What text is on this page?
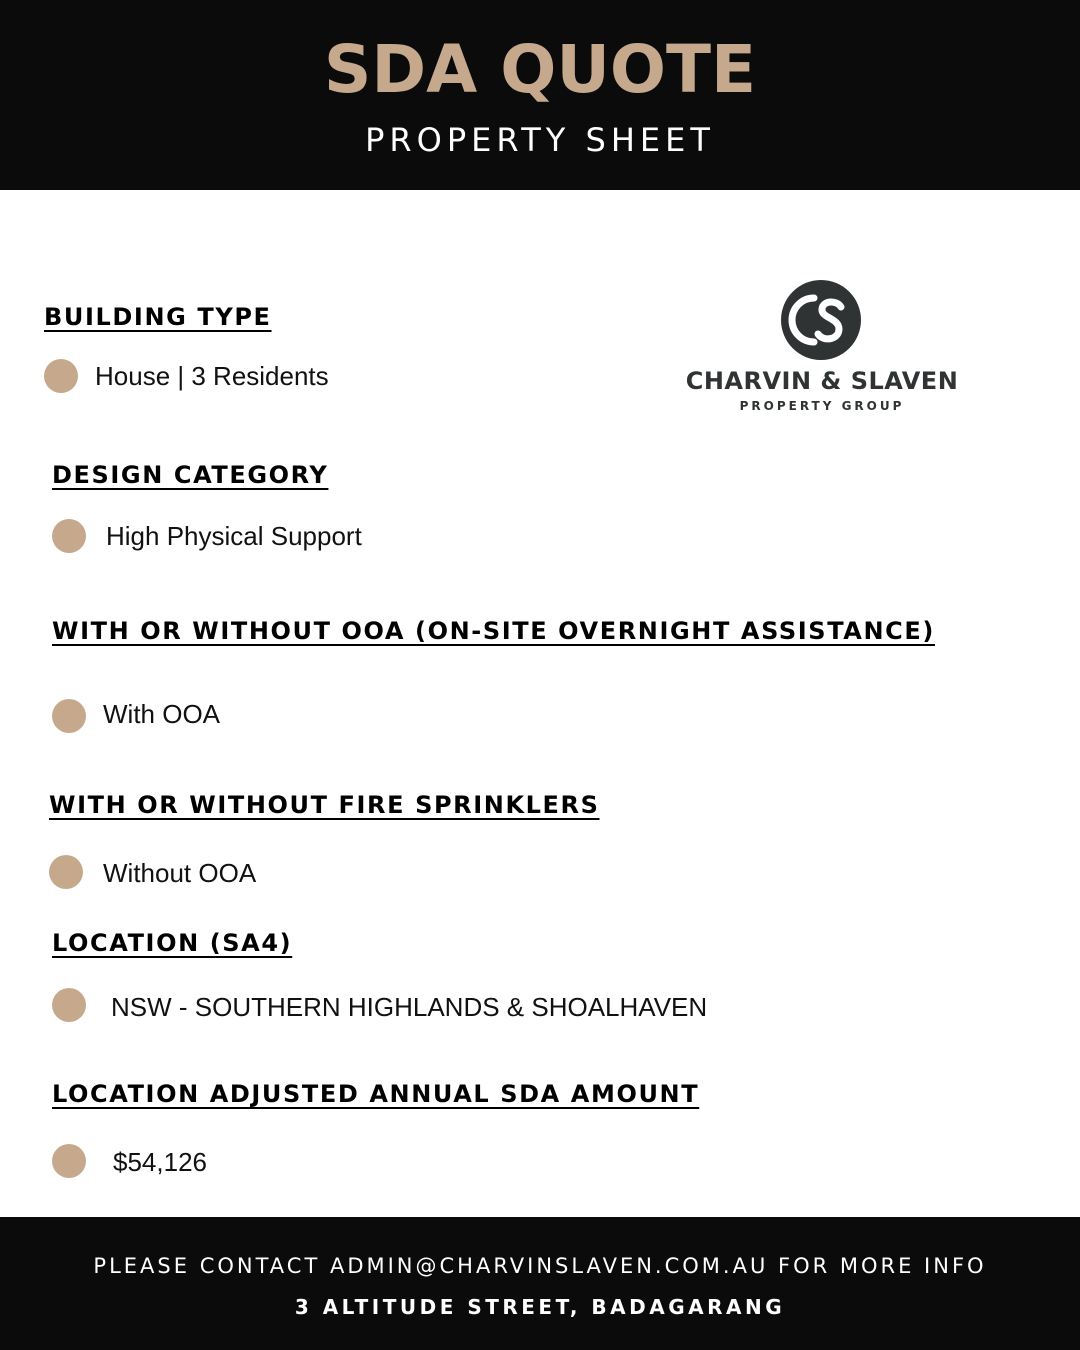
SDA QUOTE
PROPERTY SHEET
CHARVIN & SLAVEN
PROPERTY GROUP
BUILDING TYPE
House | 3 Residents
DESIGN CATEGORY
High Physical Support
WITH OR WITHOUT OOA (ON-SITE OVERNIGHT ASSISTANCE)
With OOA
WITH OR WITHOUT FIRE SPRINKLERS
Without OOA
LOCATION (SA4)
NSW - SOUTHERN HIGHLANDS & SHOALHAVEN
LOCATION ADJUSTED ANNUAL SDA AMOUNT
$54,126
PLEASE CONTACT ADMIN@CHARVINSLAVEN.COM.AU FOR MORE INFO
3 ALTITUDE STREET, BADAGARANG
